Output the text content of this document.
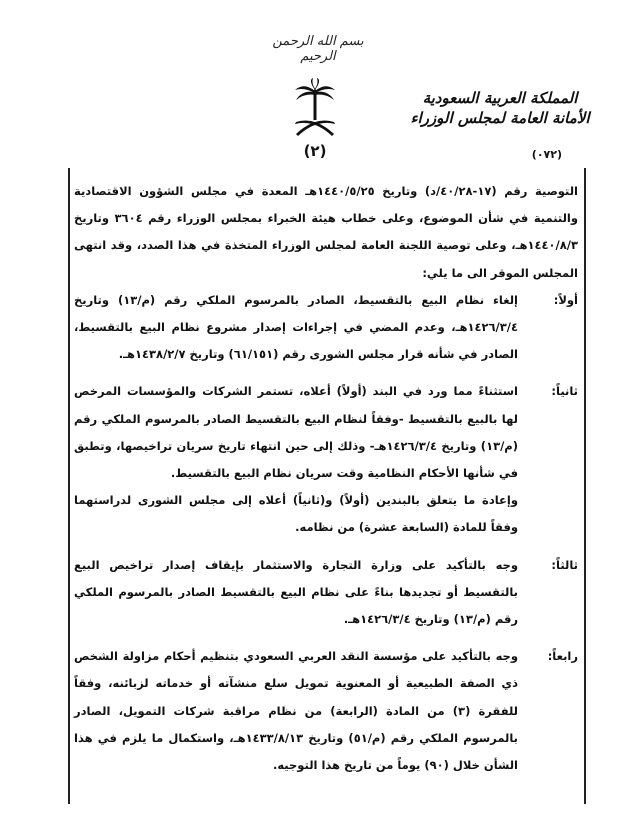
بسم الله الرحمن الرحيم
(٢)
المملكة العربية السعودية
الأمانة العامة لمجلس الوزراء
(٠٧٢)

التوصية رقم (١٧-٤٠/٢٨/د) وتاريخ ١٤٤٠/٥/٢٥هـ المعدة في مجلس الشؤون الاقتصادية والتنمية في شأن الموضوع، وعلى خطاب هيئة الخبراء بمجلس الوزراء رقم ٣٦٠٤ وتاريخ ١٤٤٠/٨/٣هـ، وعلى توصية اللجنة العامة لمجلس الوزراء المتخذة في هذا الصدد، وقد انتهى المجلس الموقر الى ما يلي:

أولاً:

إلغاء نظام البيع بالتقسيط، الصادر بالمرسوم الملكي رقم (م/١٣) وتاريخ ١٤٢٦/٣/٤هـ، وعدم المضي في إجراءات إصدار مشروع نظام البيع بالتقسيط، الصادر في شأنه قرار مجلس الشورى رقم (٦١/١٥١) وتاريخ ١٤٣٨/٢/٧هـ.

ثانياً:

استثناءً مما ورد في البند (أولاً) أعلاه، تستمر الشركات والمؤسسات المرخص لها بالبيع بالتقسيط -وفقاً لنظام البيع بالتقسيط الصادر بالمرسوم الملكي رقم (م/١٣) وتاريخ ١٤٢٦/٣/٤هـ- وذلك إلى حين انتهاء تاريخ سريان تراخيصها، وتطبق في شأنها الأحكام النظامية وقت سريان نظام البيع بالتقسيط.

وإعادة ما يتعلق بالبندين (أولاً) و(ثانياً) أعلاه إلى مجلس الشورى لدراستهما وفقاً للمادة (السابعة عشرة) من نظامه.

ثالثاً:

وجه بالتأكيد على وزارة التجارة والاستثمار بإيقاف إصدار تراخيص البيع بالتقسيط أو تجديدها بناءً على نظام البيع بالتقسيط الصادر بالمرسوم الملكي رقم (م/١٣) وتاريخ ١٤٢٦/٣/٤هـ.

رابعاً:

وجه بالتأكيد على مؤسسة النقد العربي السعودي بتنظيم أحكام مزاولة الشخص ذي الصفة الطبيعية أو المعنوية تمويل سلع منشآته أو خدماته لزبائنه، وفقاً للفقرة (٣) من المادة (الرابعة) من نظام مراقبة شركات التمويل، الصادر بالمرسوم الملكي رقم (م/٥١) وتاريخ ١٤٣٣/٨/١٣هـ، واستكمال ما يلزم في هذا الشأن خلال (٩٠) يوماً من تاريخ هذا التوجيه.
